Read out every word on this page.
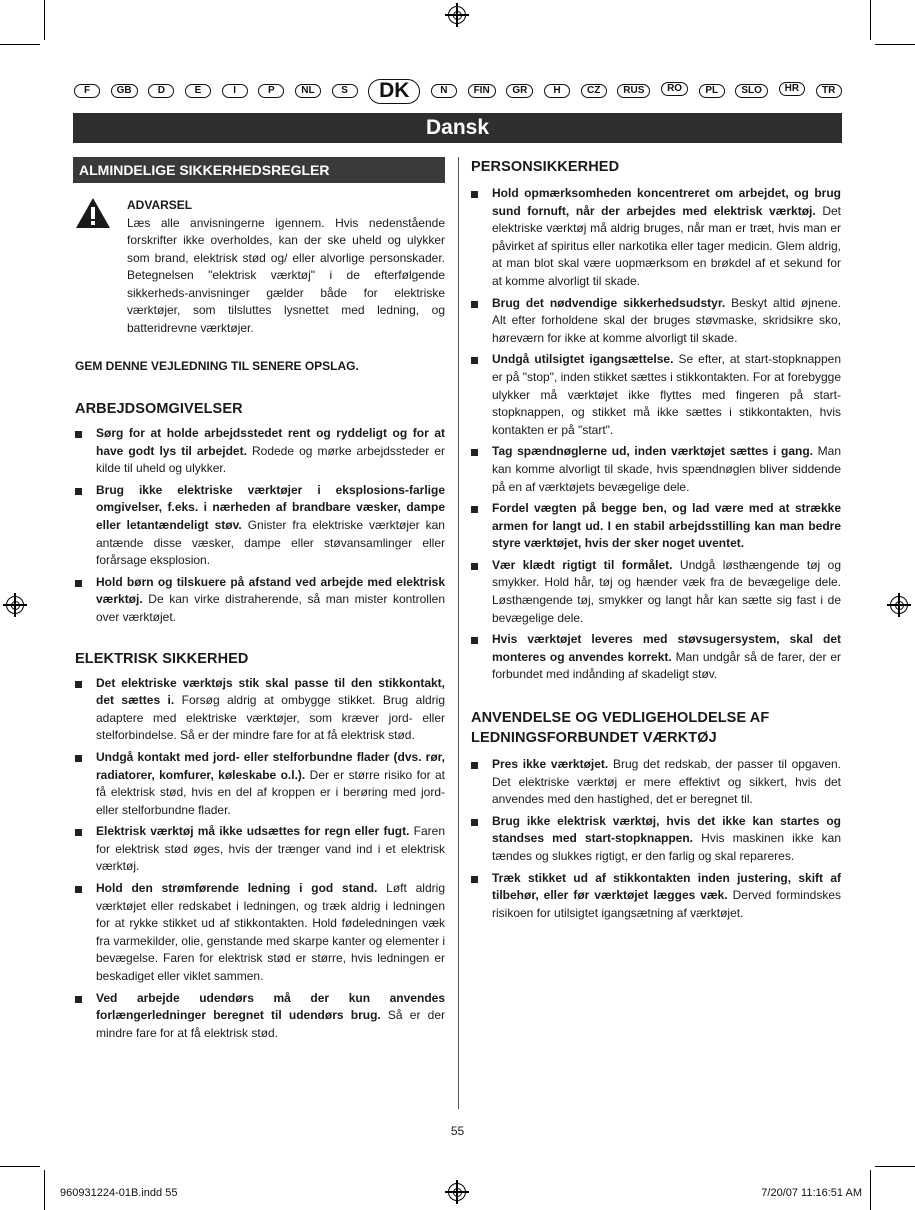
F	GB	D	E	I	P	NL	S	DK	N	FIN	GR	H	CZ	RUS	RO	PL	SLO	HR	TR
Dansk
ALMINDELIGE SIKKERHEDSREGLER
ADVARSEL
Læs alle anvisningerne igennem. Hvis nedenstående forskrifter ikke overholdes, kan der ske uheld og ulykker som brand, elektrisk stød og/ eller alvorlige personskader. Betegnelsen "elektrisk værktøj" i de efterfølgende sikkerheds-anvisninger gælder både for elektriske værktøjer, som tilsluttes lysnettet med ledning, og batteridrevne værktøjer.
GEM DENNE VEJLEDNING TIL SENERE OPSLAG.
ARBEJDSOMGIVELSER
Sørg for at holde arbejdsstedet rent og ryddeligt og for at have godt lys til arbejdet. Rodede og mørke arbejdssteder er kilde til uheld og ulykker.
Brug ikke elektriske værktøjer i eksplosions-farlige omgivelser, f.eks. i nærheden af brandbare væsker, dampe eller letantændeligt støv. Gnister fra elektriske værktøjer kan antænde disse væsker, dampe eller støvansamlinger eller forårsage eksplosion.
Hold børn og tilskuere på afstand ved arbejde med elektrisk værktøj. De kan virke distraherende, så man mister kontrollen over værktøjet.
ELEKTRISK SIKKERHED
Det elektriske værktøjs stik skal passe til den stikkontakt, det sættes i. Forsøg aldrig at ombygge stikket. Brug aldrig adaptere med elektriske værktøjer, som kræver jord- eller stelforbindelse. Så er der mindre fare for at få elektrisk stød.
Undgå kontakt med jord- eller stelforbundne flader (dvs. rør, radiatorer, komfurer, køleskabe o.l.). Der er større risiko for at få elektrisk stød, hvis en del af kroppen er i berøring med jord- eller stelforbundne flader.
Elektrisk værktøj må ikke udsættes for regn eller fugt. Faren for elektrisk stød øges, hvis der trænger vand ind i et elektrisk værktøj.
Hold den strømførende ledning i god stand. Løft aldrig værktøjet eller redskabet i ledningen, og træk aldrig i ledningen for at rykke stikket ud af stikkontakten. Hold fødeledningen væk fra varmekilder, olie, genstande med skarpe kanter og elementer i bevægelse. Faren for elektrisk stød er større, hvis ledningen er beskadiget eller viklet sammen.
Ved arbejde udendørs må der kun anvendes forlængerledninger beregnet til udendørs brug. Så er der mindre fare for at få elektrisk stød.
PERSONSIKKERHED
Hold opmærksomheden koncentreret om arbejdet, og brug sund fornuft, når der arbejdes med elektrisk værktøj. Det elektriske værktøj må aldrig bruges, når man er træt, hvis man er påvirket af spiritus eller narkotika eller tager medicin. Glem aldrig, at man blot skal være uopmærksom en brøkdel af et sekund for at komme alvorligt til skade.
Brug det nødvendige sikkerhedsudstyr. Beskyt altid øjnene. Alt efter forholdene skal der bruges støvmaske, skridsikre sko, høreværn for ikke at komme alvorligt til skade.
Undgå utilsigtet igangsættelse. Se efter, at start-stopknappen er på "stop", inden stikket sættes i stikkontakten. For at forebygge ulykker må værktøjet ikke flyttes med fingeren på start-stopknappen, og stikket må ikke sættes i stikkontakten, hvis kontakten er på "start".
Tag spændnøglerne ud, inden værktøjet sættes i gang. Man kan komme alvorligt til skade, hvis spændnøglen bliver siddende på en af værktøjets bevægelige dele.
Fordel vægten på begge ben, og lad være med at strække armen for langt ud. I en stabil arbejdsstilling kan man bedre styre værktøjet, hvis der sker noget uventet.
Vær klædt rigtigt til formålet. Undgå løsthængende tøj og smykker. Hold hår, tøj og hænder væk fra de bevægelige dele. Løsthængende tøj, smykker og langt hår kan sætte sig fast i de bevægelige dele.
Hvis værktøjet leveres med støvsugersystem, skal det monteres og anvendes korrekt. Man undgår så de farer, der er forbundet med indånding af skadeligt støv.
ANVENDELSE OG VEDLIGEHOLDELSE AF LEDNINGSFORBUNDET VÆRKTØJ
Pres ikke værktøjet. Brug det redskab, der passer til opgaven. Det elektriske værktøj er mere effektivt og sikkert, hvis det anvendes med den hastighed, det er beregnet til.
Brug ikke elektrisk værktøj, hvis det ikke kan startes og standses med start-stopknappen. Hvis maskinen ikke kan tændes og slukkes rigtigt, er den farlig og skal repareres.
Træk stikket ud af stikkontakten inden justering, skift af tilbehør, eller før værktøjet lægges væk. Derved formindskes risikoen for utilsigtet igangsætning af værktøjet.
55
960931224-01B.indd 55	7/20/07 11:16:51 AM
